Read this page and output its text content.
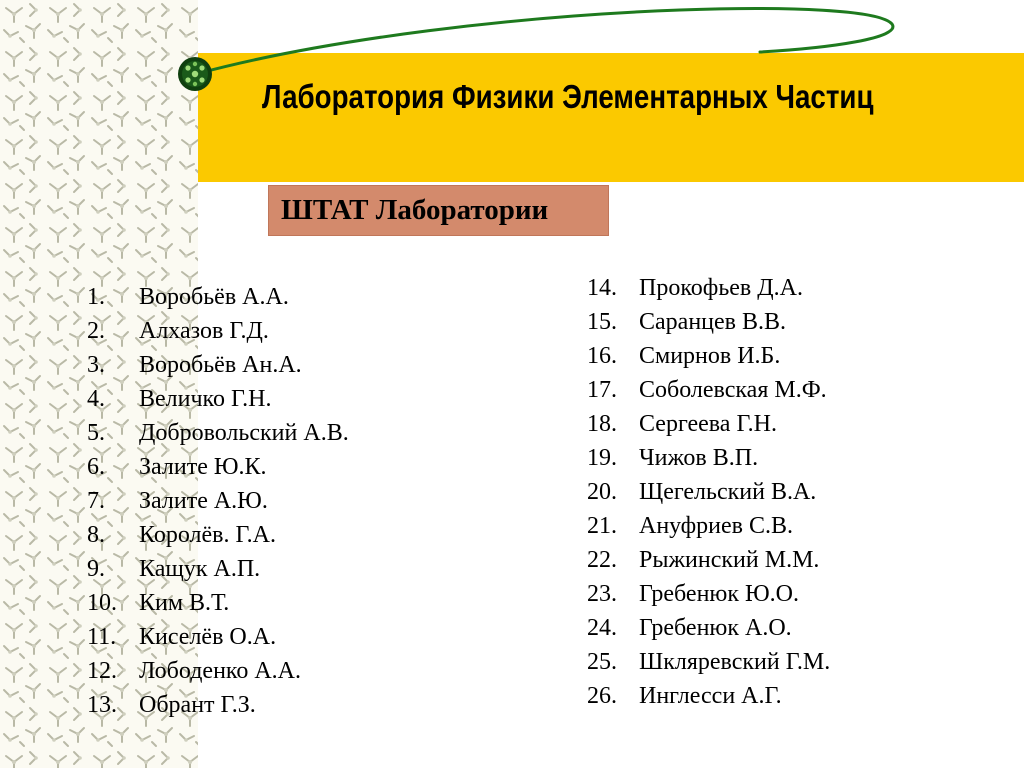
Лаборатория Физики Элементарных Частиц
ШТАТ Лаборатории
1. Воробьёв А.А.
2. Алхазов Г.Д.
3. Воробьёв Ан.А.
4. Величко Г.Н.
5. Добровольский А.В.
6. Залите Ю.К.
7. Залите А.Ю.
8. Королёв. Г.А.
9. Кащук А.П.
10. Ким В.Т.
11. Киселёв О.А.
12. Лободенко А.А.
13. Обрант Г.З.
14. Прокофьев Д.А.
15. Саранцев В.В.
16. Смирнов И.Б.
17. Соболевская М.Ф.
18. Сергеева Г.Н.
19. Чижов В.П.
20. Щегельский В.А.
21. Ануфриев С.В.
22. Рыжинский М.М.
23. Гребенюк Ю.О.
24. Гребенюк А.О.
25. Шкляревский Г.М.
26. Инглесси А.Г.
